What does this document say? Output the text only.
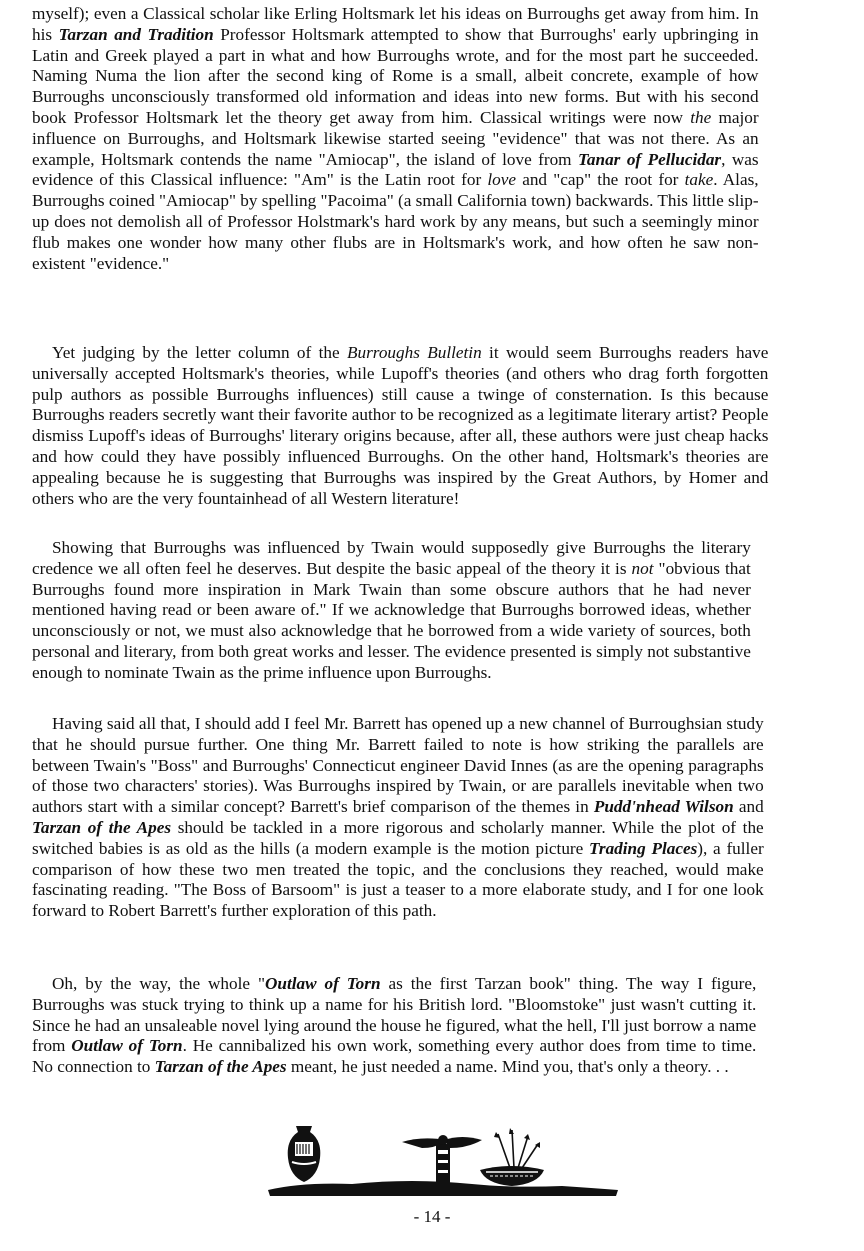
myself); even a Classical scholar like Erling Holtsmark let his ideas on Burroughs get away from him. In
his Tarzan and Tradition Professor Holtsmark attempted to show that Burroughs' early upbringing in
Latin and Greek played a part in what and how Burroughs wrote, and for the most part he succeeded.
Naming Numa the lion after the second king of Rome is a small, albeit concrete, example of how
Burroughs unconsciously transformed old information and ideas into new forms. But with his second
book Professor Holtsmark let the theory get away from him. Classical writings were now the major
influence on Burroughs, and Holtsmark likewise started seeing "evidence" that was not there. As an
example, Holtsmark contends the name "Amiocap", the island of love from Tanar of Pellucidar, was
evidence of this Classical influence: "Am" is the Latin root for love and "cap" the root for take. Alas,
Burroughs coined "Amiocap" by spelling "Pacoima" (a small California town) backwards. This little slip-
up does not demolish all of Professor Holstmark's hard work by any means, but such a seemingly minor
flub makes one wonder how many other flubs are in Holtsmark's work, and how often he saw non-
existent "evidence."
Yet judging by the letter column of the Burroughs Bulletin it would seem Burroughs readers have
universally accepted Holtsmark's theories, while Lupoff's theories (and others who drag forth forgotten
pulp authors as possible Burroughs influences) still cause a twinge of consternation. Is this because
Burroughs readers secretly want their favorite author to be recognized as a legitimate literary artist? People
dismiss Lupoff's ideas of Burroughs' literary origins because, after all, these authors were just cheap hacks
and how could they have possibly influenced Burroughs. On the other hand, Holtsmark's theories are
appealing because he is suggesting that Burroughs was inspired by the Great Authors, by Homer and
others who are the very fountainhead of all Western literature!
Showing that Burroughs was influenced by Twain would supposedly give Burroughs the literary
credence we all often feel he deserves. But despite the basic appeal of the theory it is not "obvious that
Burroughs found more inspiration in Mark Twain than some obscure authors that he had never
mentioned having read or been aware of." If we acknowledge that Burroughs borrowed ideas, whether
unconsciously or not, we must also acknowledge that he borrowed from a wide variety of sources, both
personal and literary, from both great works and lesser. The evidence presented is simply not substantive
enough to nominate Twain as the prime influence upon Burroughs.
Having said all that, I should add I feel Mr. Barrett has opened up a new channel of Burroughsian study
that he should pursue further. One thing Mr. Barrett failed to note is how striking the parallels are
between Twain's "Boss" and Burroughs' Connecticut engineer David Innes (as are the opening paragraphs
of those two characters' stories). Was Burroughs inspired by Twain, or are parallels inevitable when two
authors start with a similar concept? Barrett's brief comparison of the themes in Pudd'nhead Wilson and
Tarzan of the Apes should be tackled in a more rigorous and scholarly manner. While the plot of the
switched babies is as old as the hills (a modern example is the motion picture Trading Places), a fuller
comparison of how these two men treated the topic, and the conclusions they reached, would make
fascinating reading. "The Boss of Barsoom" is just a teaser to a more elaborate study, and I for one look
forward to Robert Barrett's further exploration of this path.
Oh, by the way, the whole "Outlaw of Torn as the first Tarzan book" thing. The way I figure,
Burroughs was stuck trying to think up a name for his British lord. "Bloomstoke" just wasn't cutting it.
Since he had an unsaleable novel lying around the house he figured, what the hell, I'll just borrow a name
from Outlaw of Torn. He cannibalized his own work, something every author does from time to time.
No connection to Tarzan of the Apes meant, he just needed a name. Mind you, that's only a theory. . .
- 14 -
